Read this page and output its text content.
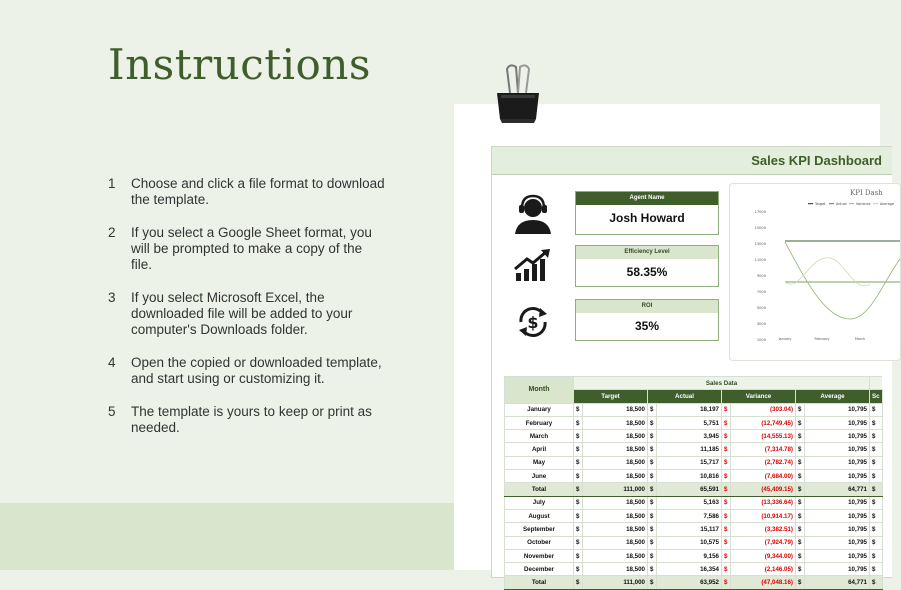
Instructions
1	Choose and click a file format to download the template.
2	If you select a Google Sheet format, you will be prompted to make a copy of the file.
3	If you select Microsoft Excel, the downloaded file will be added to your computer's Downloads folder.
4	Open the copied or downloaded template, and start using or customizing it.
5	The template is yours to keep or print as needed.
Sales KPI Dashboard
$
Agent Name
Josh Howard
Efficiency Level
58.35%
ROI
35%
KPI Dash
Target	Actual	Variance	Average
17000
15000
13000
11000
9000
7000
5000
3000
1000	January	February	March
Month	Sales Data								
	Target		Actual		Variance		Average		Sc
January	$	18,500	$	18,197	$	(303.04)	$	10,795	$
February	$	18,500	$	5,751	$	(12,749.45)	$	10,795	$
March	$	18,500	$	3,945	$	(14,555.13)	$	10,795	$
April	$	18,500	$	11,185	$	(7,314.78)	$	10,795	$
May	$	18,500	$	15,717	$	(2,782.74)	$	10,795	$
June	$	18,500	$	10,816	$	(7,684.00)	$	10,795	$
Total	$	111,000	$	65,591	$	(45,409.15)	$	64,771	$
July	$	18,500	$	5,163	$	(13,336.64)	$	10,795	$
August	$	18,500	$	7,586	$	(10,914.17)	$	10,795	$
September	$	18,500	$	15,117	$	(3,382.51)	$	10,795	$
October	$	18,500	$	10,575	$	(7,924.79)	$	10,795	$
November	$	18,500	$	9,156	$	(9,344.00)	$	10,795	$
December	$	18,500	$	16,354	$	(2,146.05)	$	10,795	$
Total	$	111,000	$	63,952	$	(47,048.16)	$	64,771	$
